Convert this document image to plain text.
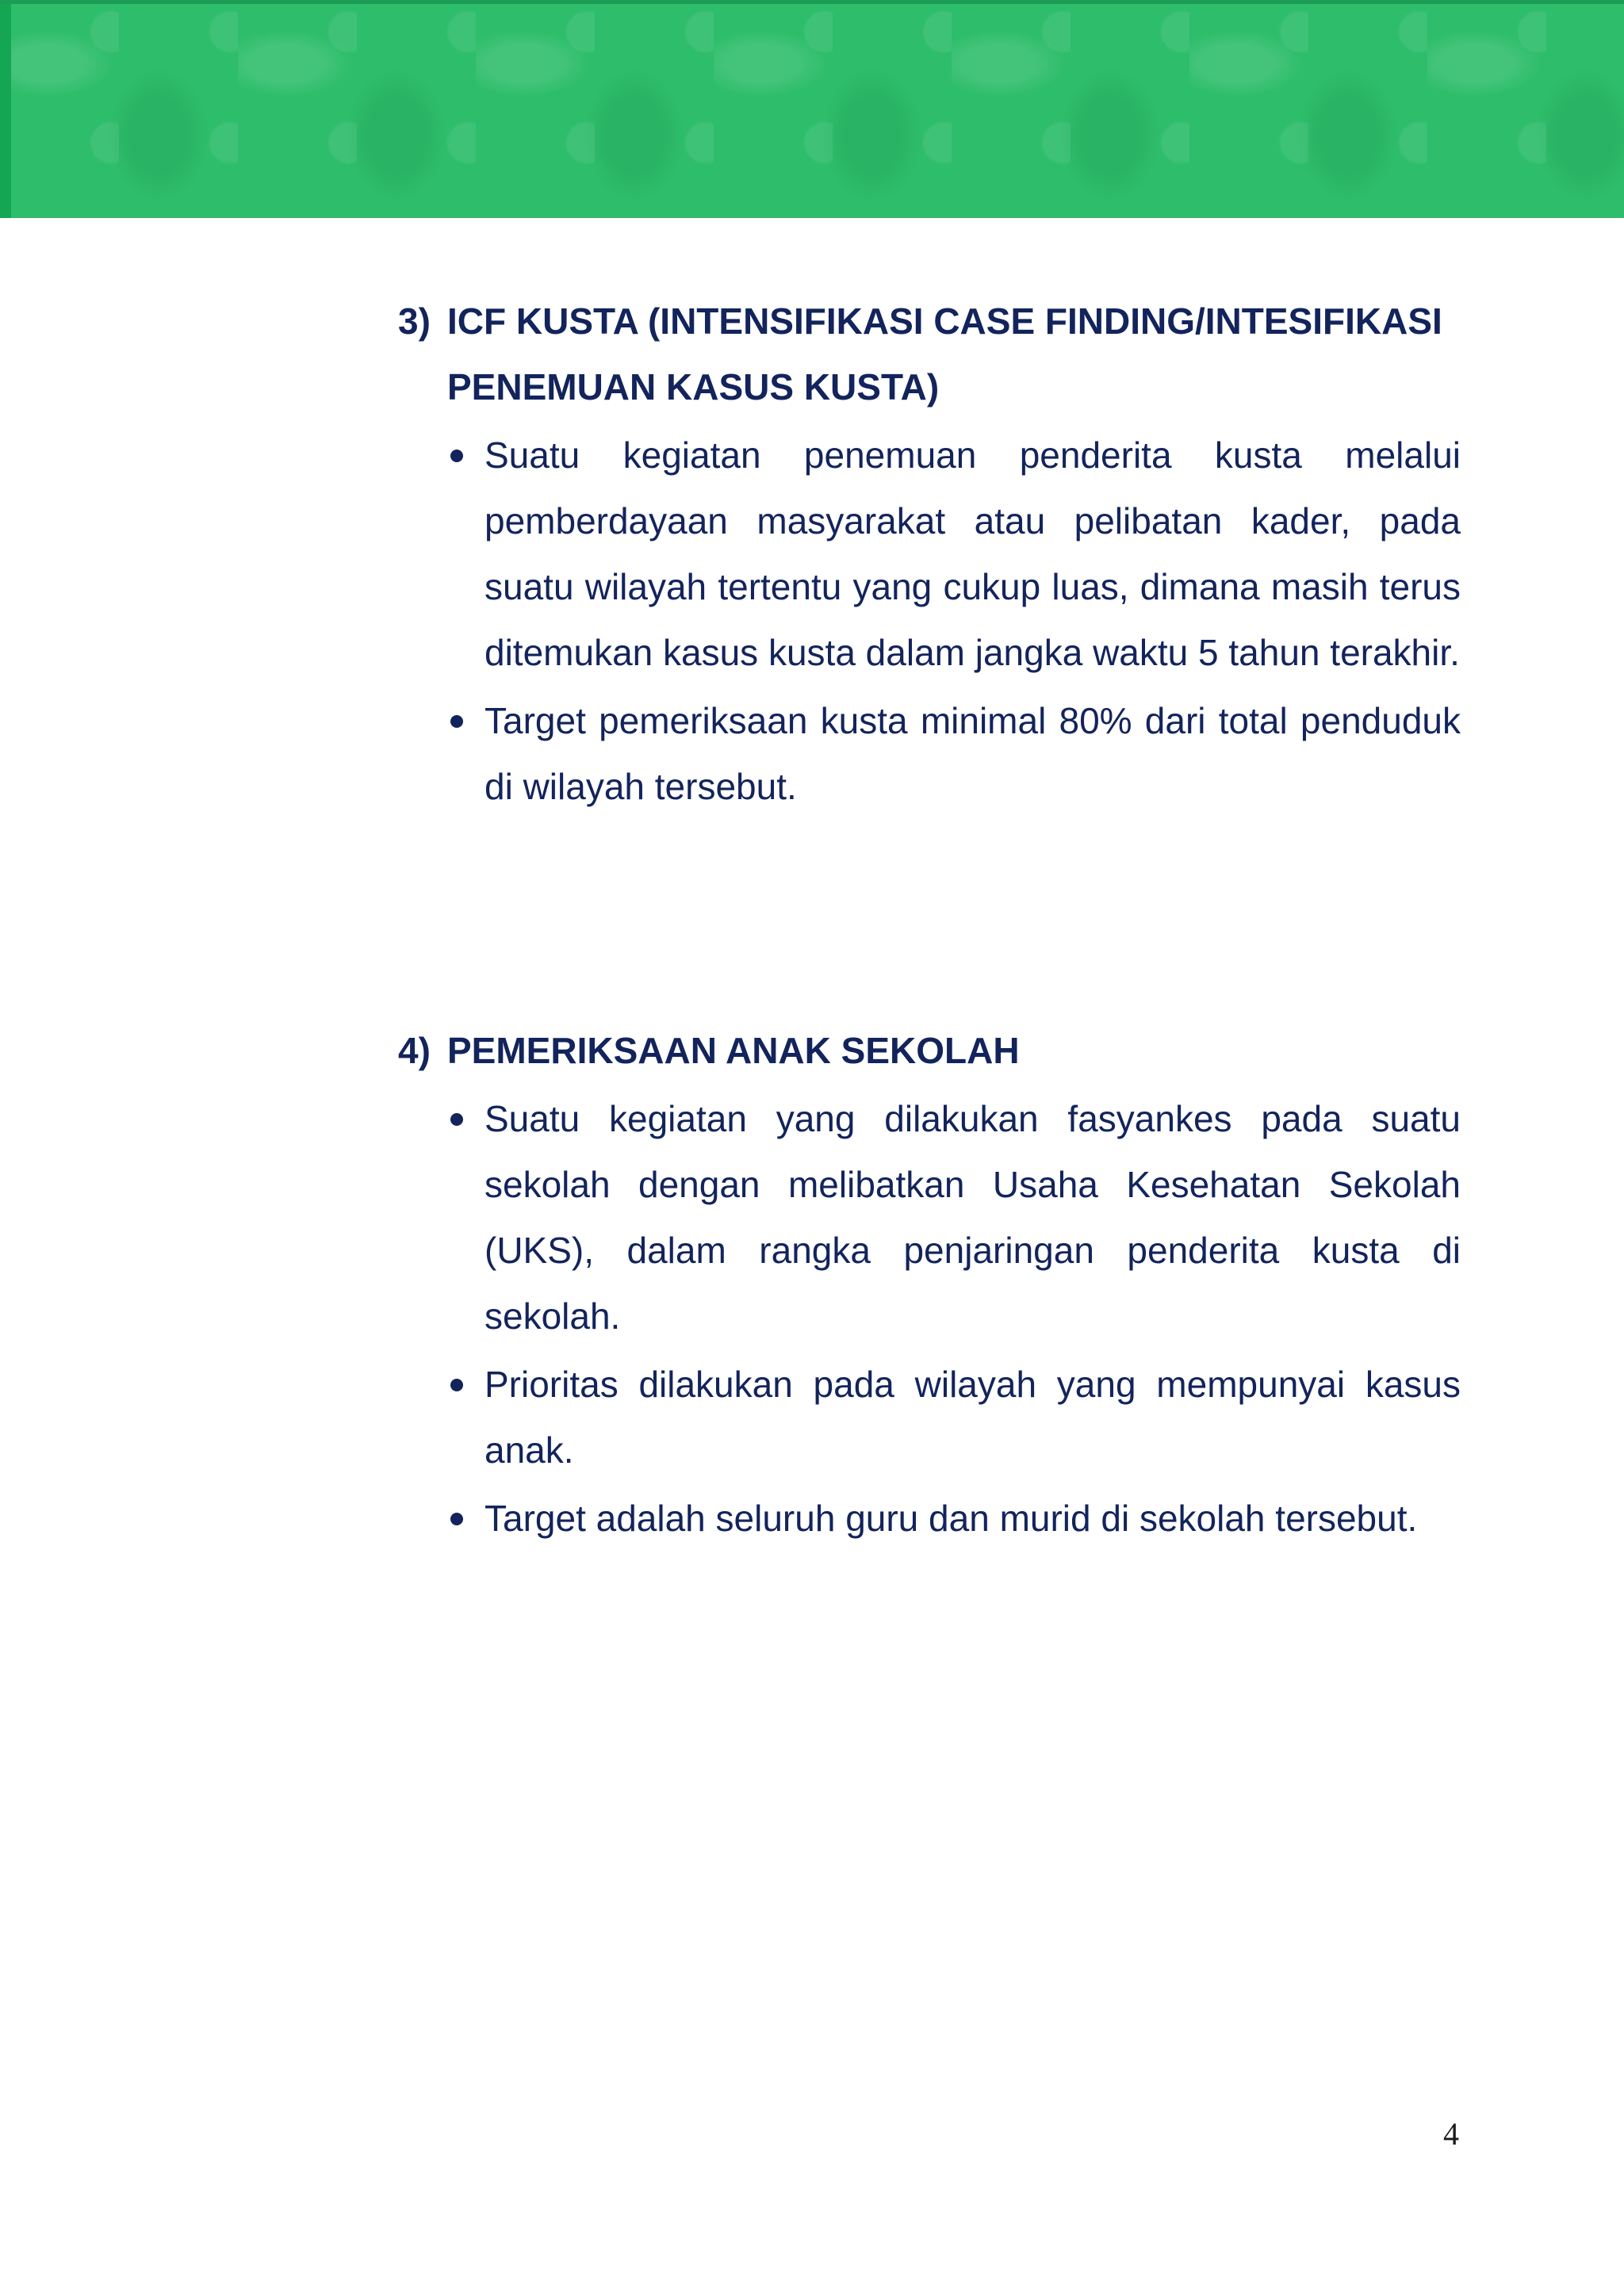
3) ICF KUSTA (INTENSIFIKASI CASE FINDING/INTESIFIKASI PENEMUAN KASUS KUSTA)
Suatu kegiatan penemuan penderita kusta melalui pemberdayaan masyarakat atau pelibatan kader, pada suatu wilayah tertentu yang cukup luas, dimana masih terus ditemukan kasus kusta dalam jangka waktu 5 tahun terakhir.
Target pemeriksaan kusta minimal 80% dari total penduduk di wilayah tersebut.
4) PEMERIKSAAN ANAK SEKOLAH
Suatu kegiatan yang dilakukan fasyankes pada suatu sekolah dengan melibatkan Usaha Kesehatan Sekolah (UKS), dalam rangka penjaringan penderita kusta di sekolah.
Prioritas dilakukan pada wilayah yang mempunyai kasus anak.
Target adalah seluruh guru dan murid di sekolah tersebut.
4
